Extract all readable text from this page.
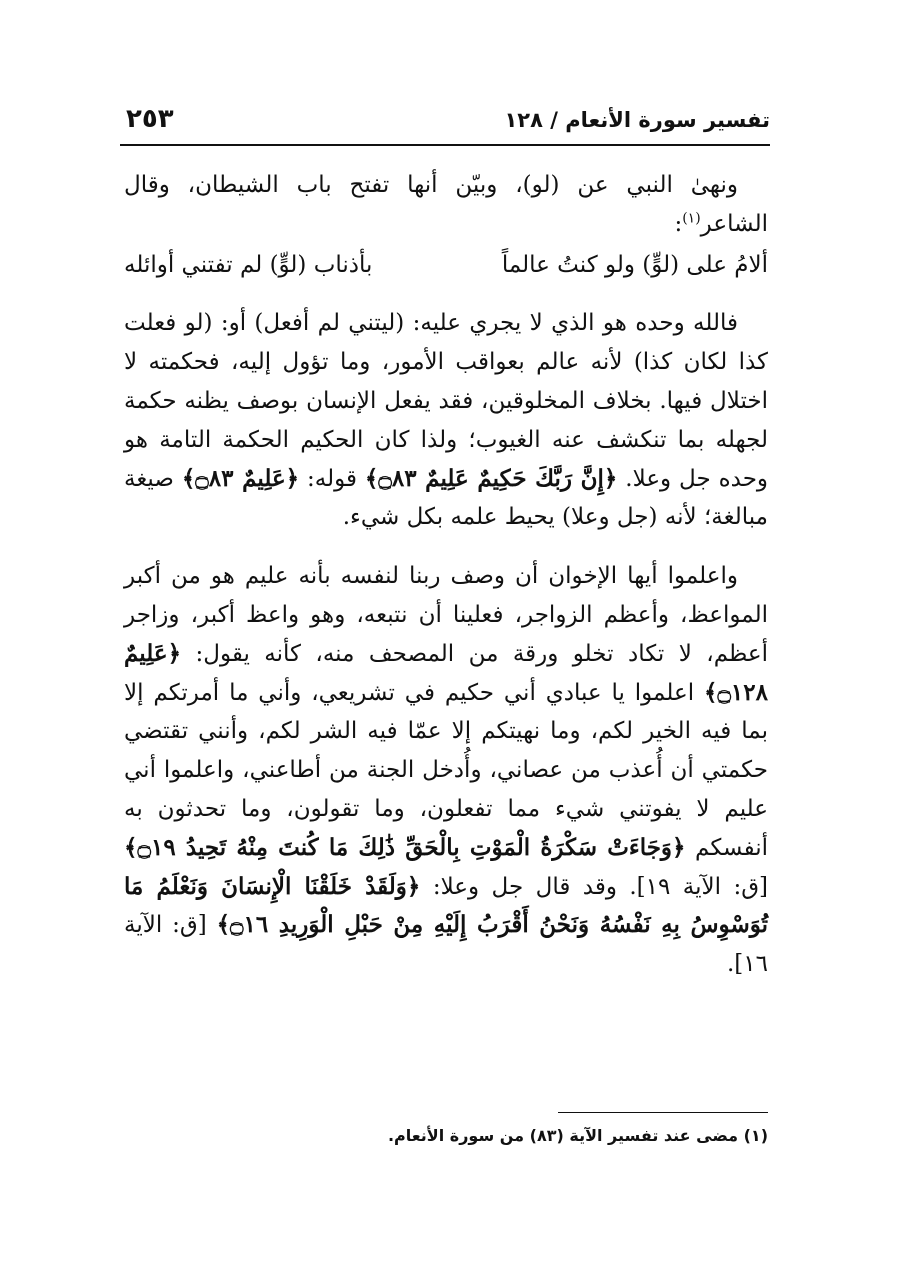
تفسير سورة الأنعام / ١٢٨
٢٥٣

ونهىٰ النبي عن (لو)، وبيّن أنها تفتح باب الشيطان، وقال الشاعر$^{(١)}$:

ألامُ على (لوٍّ) ولو كنتُ عالماً
بأذناب (لوٍّ) لم تفتني أوائله

فالله وحده هو الذي لا يجري عليه: (ليتني لم أفعل) أو: (لو فعلت كذا لكان كذا) لأنه عالم بعواقب الأمور، وما تؤول إليه، فحكمته لا اختلال فيها. بخلاف المخلوقين، فقد يفعل الإنسان بوصف يظنه حكمة لجهله بما تنكشف عنه الغيوب؛ ولذا كان الحكيم الحكمة التامة هو وحده جل وعلا. ﴿إِنَّ رَبَّكَ حَكِيمٌ عَلِيمٌ ۝٨٣﴾ قوله: ﴿عَلِيمٌ ۝٨٣﴾ صيغة مبالغة؛ لأنه (جل وعلا) يحيط علمه بكل شيء.

واعلموا أيها الإخوان أن وصف ربنا لنفسه بأنه عليم هو من أكبر المواعظ، وأعظم الزواجر، فعلينا أن نتبعه، وهو واعظ أكبر، وزاجر أعظم، لا تكاد تخلو ورقة من المصحف منه، كأنه يقول: ﴿عَلِيمٌ ۝١٢٨﴾ اعلموا يا عبادي أني حكيم في تشريعي، وأني ما أمرتكم إلا بما فيه الخير لكم، وما نهيتكم إلا عمّا فيه الشر لكم، وأنني تقتضي حكمتي أن أُعذب من عصاني، وأُدخل الجنة من أطاعني، واعلموا أني عليم لا يفوتني شيء مما تفعلون، وما تقولون، وما تحدثون به أنفسكم ﴿وَجَاءَتْ سَكْرَةُ الْمَوْتِ بِالْحَقِّ ذَٰلِكَ مَا كُنتَ مِنْهُ تَحِيدُ ۝١٩﴾ [ق: الآية ١٩]. وقد قال جل وعلا: ﴿وَلَقَدْ خَلَقْنَا الْإِنسَانَ وَنَعْلَمُ مَا تُوَسْوِسُ بِهِ نَفْسُهُ وَنَحْنُ أَقْرَبُ إِلَيْهِ مِنْ حَبْلِ الْوَرِيدِ ۝١٦﴾ [ق: الآية ١٦].

(١) مضى عند تفسير الآية (٨٣) من سورة الأنعام.
